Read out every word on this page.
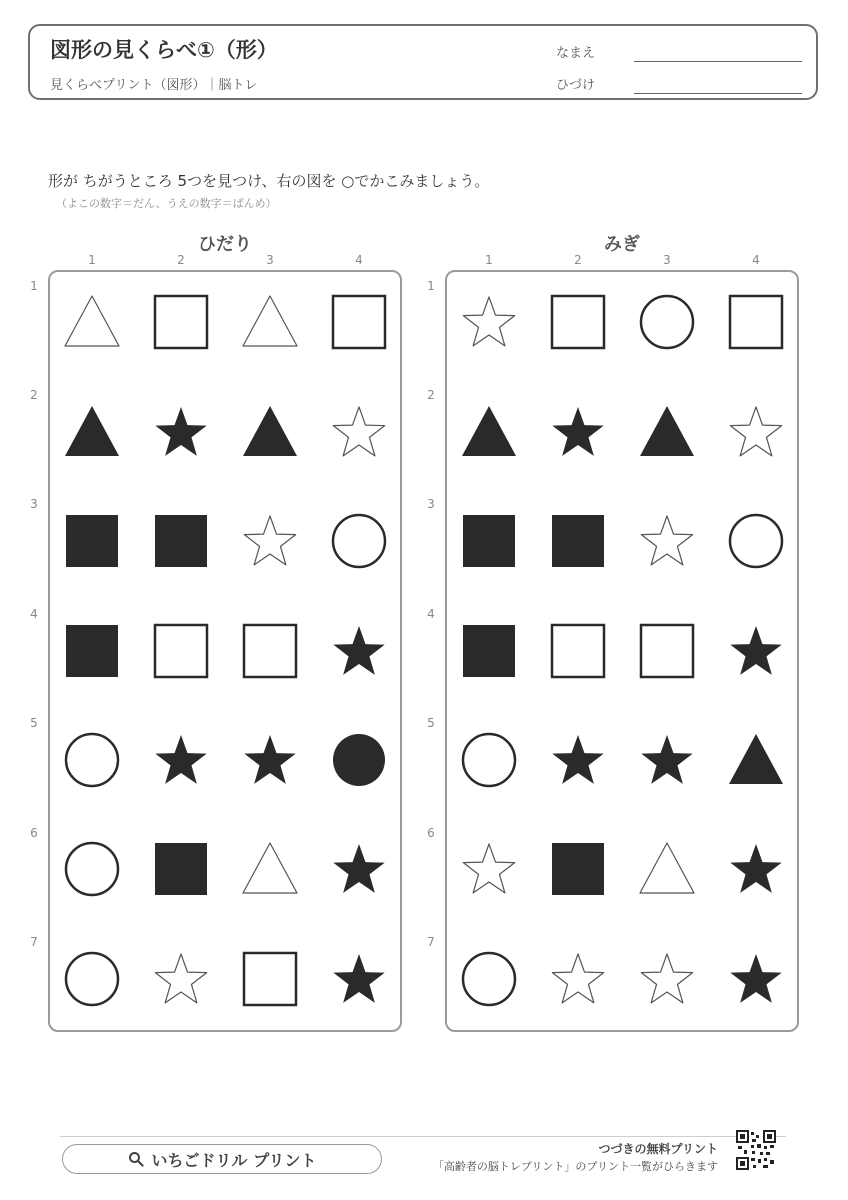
図形の見くらべ①（形）
見くらべプリント（図形）｜脳トレ
なまえ
ひづけ
形が ちがうところ 5つを見つけ、右の図を ○でかこみましょう。
（よこの数字＝だん、うえの数字＝ばんめ）
ひだり
1	2	3	4
1
2
3
4
5
6
7
みぎ
1	2	3	4
1
2
3
4
5
6
7
いちごドリル プリント
つづきの無料プリント
「高齢者の脳トレプリント」のプリント一覧がひらきます
